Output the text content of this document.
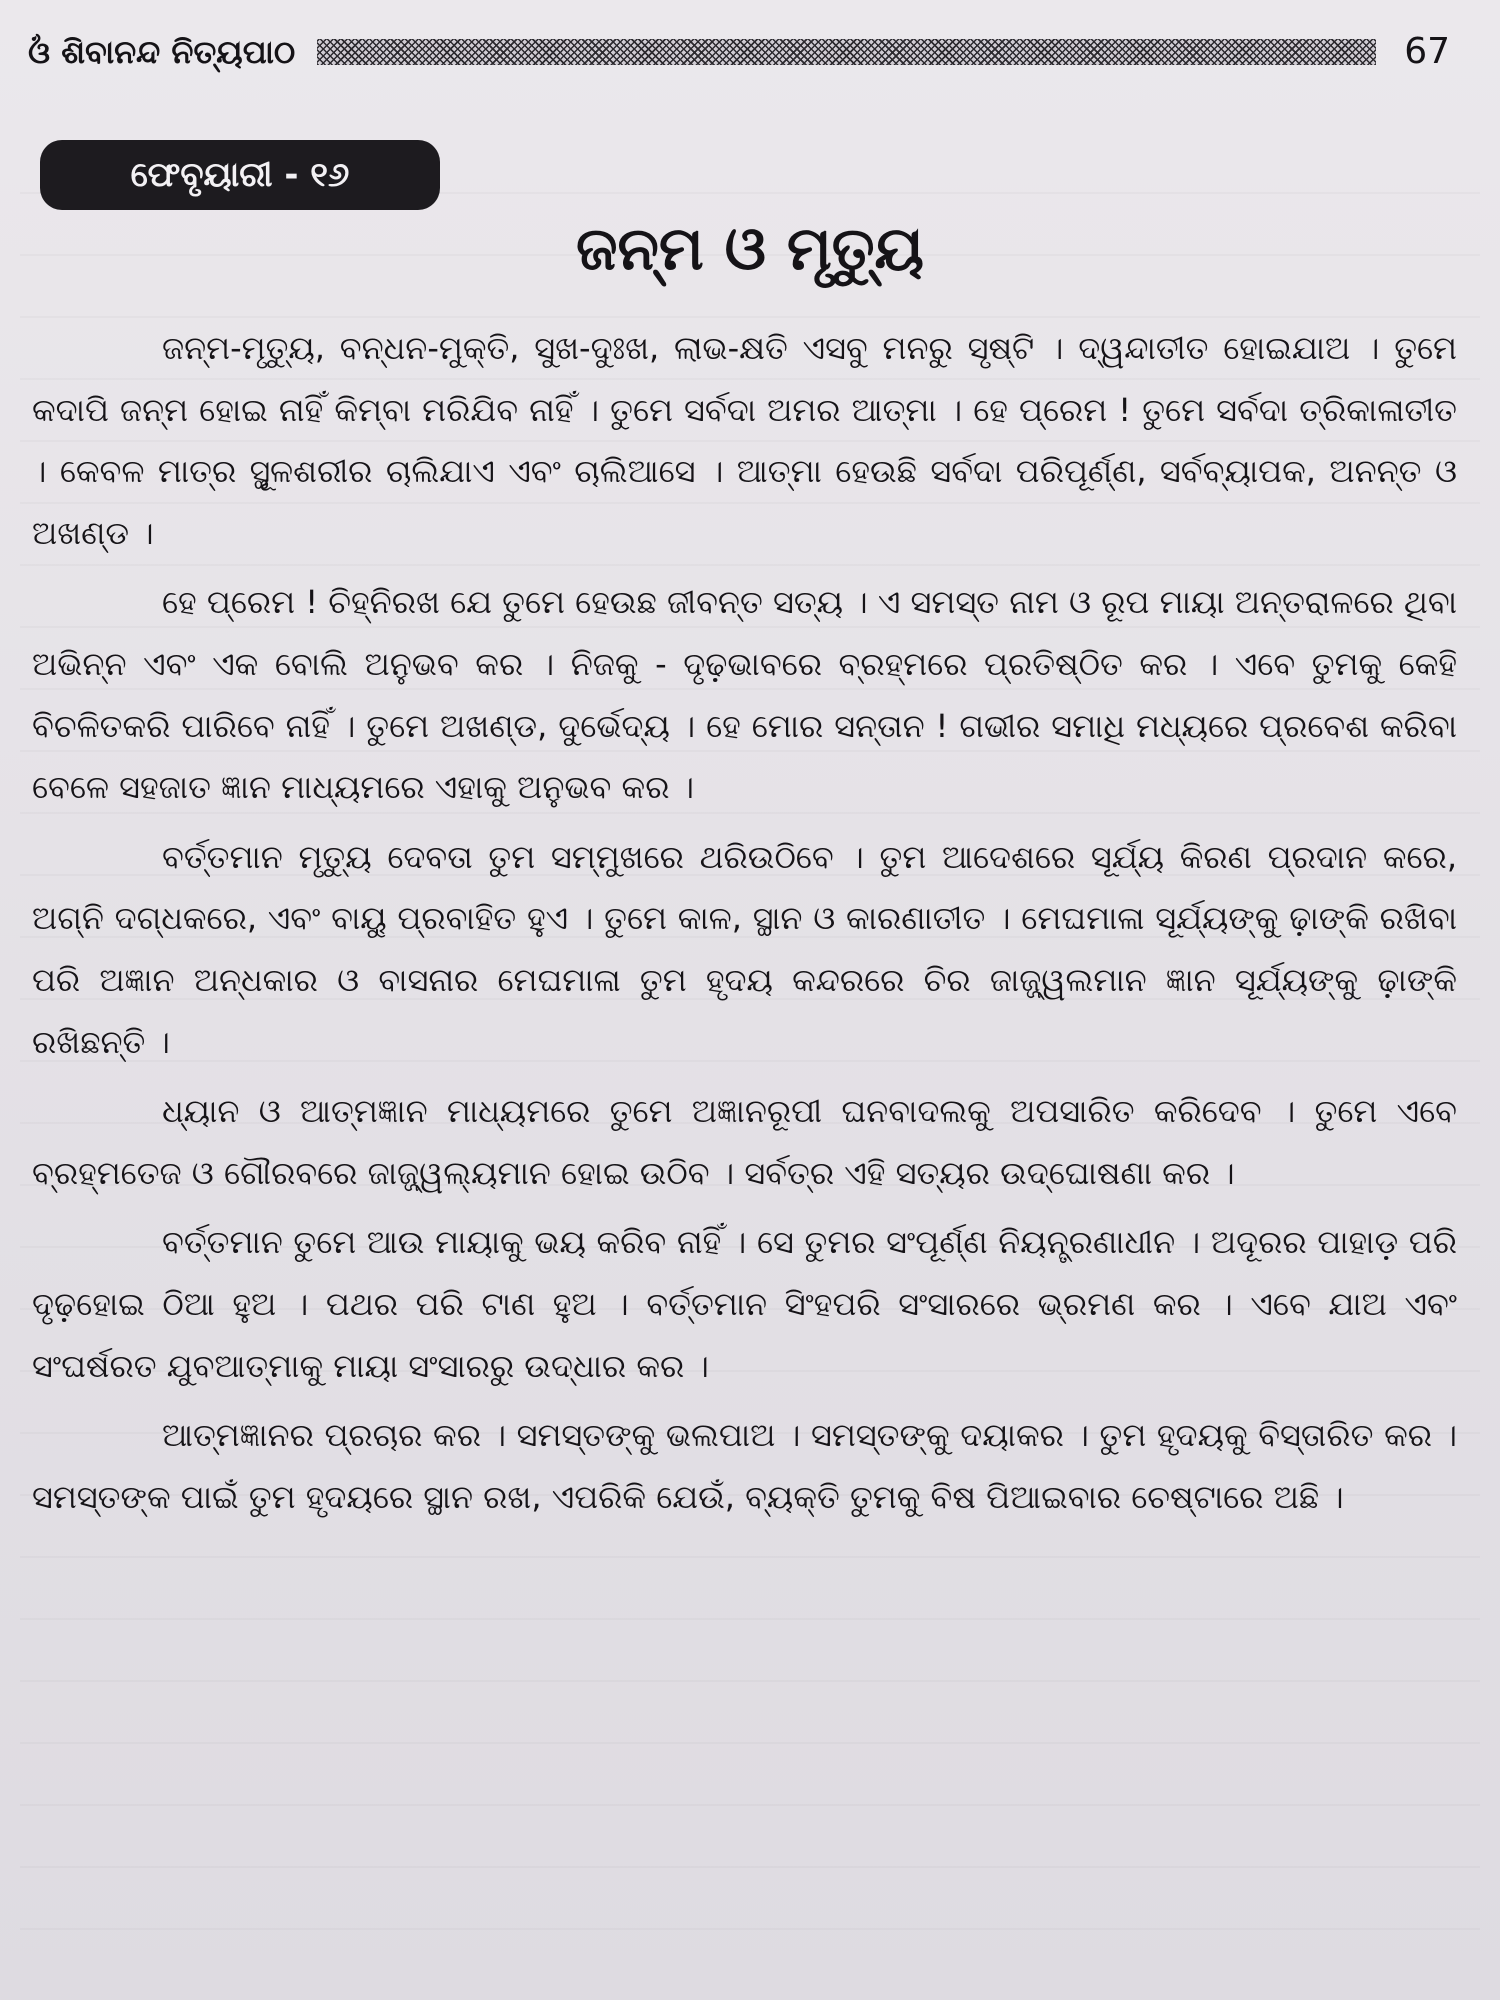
ଓଁ ଶିବାନନ୍ଦ ନିତ୍ୟପାଠ	67
ଫେବୃୟାରୀ - ୧୬
ଜନ୍ମ ଓ ମୃତ୍ୟୁ

ଜନ୍ମ-ମୃତ୍ୟୁ, ବନ୍ଧନ-ମୁକ୍ତି, ସୁଖ-ଦୁଃଖ, ଲାଭ-କ୍ଷତି ଏସବୁ ମନରୁ ସୃଷ୍ଟି । ଦ୍ୱନ୍ଦାତୀତ ହୋଇଯାଅ । ତୁମେ କଦାପି ଜନ୍ମ ହୋଇ ନାହିଁ କିମ୍ବା ମରିଯିବ ନାହିଁ । ତୁମେ ସର୍ବଦା ଅମର ଆତ୍ମା । ହେ ପ୍ରେମ ! ତୁମେ ସର୍ବଦା ତ୍ରିକାଳାତୀତ । କେବଳ ମାତ୍ର ସ୍ଥୂଳଶରୀର ଚାଲିଯାଏ ଏବଂ ଚାଲିଆସେ । ଆତ୍ମା ହେଉଛି ସର୍ବଦା ପରିପୂର୍ଣ୍ଣ, ସର୍ବବ୍ୟାପକ, ଅନନ୍ତ ଓ ଅଖଣ୍ଡ ।

ହେ ପ୍ରେମ ! ଚିହ୍ନିରଖ ଯେ ତୁମେ ହେଉଛ ଜୀବନ୍ତ ସତ୍ୟ । ଏ ସମସ୍ତ ନାମ ଓ ରୂପ ମାୟା ଅନ୍ତରାଳରେ ଥିବା ଅଭିନ୍ନ ଏବଂ ଏକ ବୋଲି ଅନୁଭବ କର । ନିଜକୁ - ଦୃଢ଼ଭାବରେ ବ୍ରହ୍ମରେ ପ୍ରତିଷ୍ଠିତ କର । ଏବେ ତୁମକୁ କେହି ବିଚଳିତକରି ପାରିବେ ନାହିଁ । ତୁମେ ଅଖଣ୍ଡ, ଦୁର୍ଭେଦ୍ୟ । ହେ ମୋର ସନ୍ତାନ ! ଗଭୀର ସମାଧି ମଧ୍ୟରେ ପ୍ରବେଶ କରିବା ବେଳେ ସହଜାତ ଜ୍ଞାନ ମାଧ୍ୟମରେ ଏହାକୁ ଅନୁଭବ କର ।

ବର୍ତ୍ତମାନ ମୃତ୍ୟୁ ଦେବତା ତୁମ ସମ୍ମୁଖରେ ଥରିଉଠିବେ । ତୁମ ଆଦେଶରେ ସୂର୍ଯ୍ୟ କିରଣ ପ୍ରଦାନ କରେ, ଅଗ୍ନି ଦଗ୍ଧକରେ, ଏବଂ ବାୟୁ ପ୍ରବାହିତ ହୁଏ । ତୁମେ କାଳ, ସ୍ଥାନ ଓ କାରଣାତୀତ । ମେଘମାଳା ସୂର୍ଯ୍ୟଙ୍କୁ ଢ଼ାଙ୍କି ରଖିବା ପରି ଅଜ୍ଞାନ ଅନ୍ଧକାର ଓ ବାସନାର ମେଘମାଳା ତୁମ ହୃଦୟ କନ୍ଦରରେ ଚିର ଜାଜ୍ଜ୍ୱଲମାନ ଜ୍ଞାନ ସୂର୍ଯ୍ୟଙ୍କୁ ଢ଼ାଙ୍କି ରଖିଛନ୍ତି ।

ଧ୍ୟାନ ଓ ଆତ୍ମଜ୍ଞାନ ମାଧ୍ୟମରେ ତୁମେ ଅଜ୍ଞାନରୂପୀ ଘନବାଦଲକୁ ଅପସାରିତ କରିଦେବ । ତୁମେ ଏବେ ବ୍ରହ୍ମତେଜ ଓ ଗୌରବରେ ଜାଜ୍ଜ୍ୱଲ୍ୟମାନ ହୋଇ ଉଠିବ । ସର୍ବତ୍ର ଏହି ସତ୍ୟର ଉଦ୍‌ଘୋଷଣା କର ।

ବର୍ତ୍ତମାନ ତୁମେ ଆଉ ମାୟାକୁ ଭୟ କରିବ ନାହିଁ । ସେ ତୁମର ସଂପୂର୍ଣ୍ଣ ନିୟନ୍ତ୍ରଣାଧୀନ । ଅଦୂରର ପାହାଡ଼ ପରି ଦୃଢ଼ହୋଇ ଠିଆ ହୁଅ । ପଥର ପରି ଟାଣ ହୁଅ । ବର୍ତ୍ତମାନ ସିଂହପରି ସଂସାରରେ ଭ୍ରମଣ କର । ଏବେ ଯାଅ ଏବଂ ସଂଘର୍ଷରତ ଯୁବଆତ୍ମାକୁ ମାୟା ସଂସାରରୁ ଉଦ୍ଧାର କର ।

ଆତ୍ମଜ୍ଞାନର ପ୍ରଚାର କର । ସମସ୍ତଙ୍କୁ ଭଲପାଅ । ସମସ୍ତଙ୍କୁ ଦୟାକର । ତୁମ ହୃଦୟକୁ ବିସ୍ତାରିତ କର । ସମସ୍ତଙ୍କ ପାଇଁ ତୁମ ହୃଦୟରେ ସ୍ଥାନ ରଖ, ଏପରିକି ଯେଉଁ, ବ୍ୟକ୍ତି ତୁମକୁ ବିଷ ପିଆଇବାର ଚେଷ୍ଟାରେ ଅଛି ।
